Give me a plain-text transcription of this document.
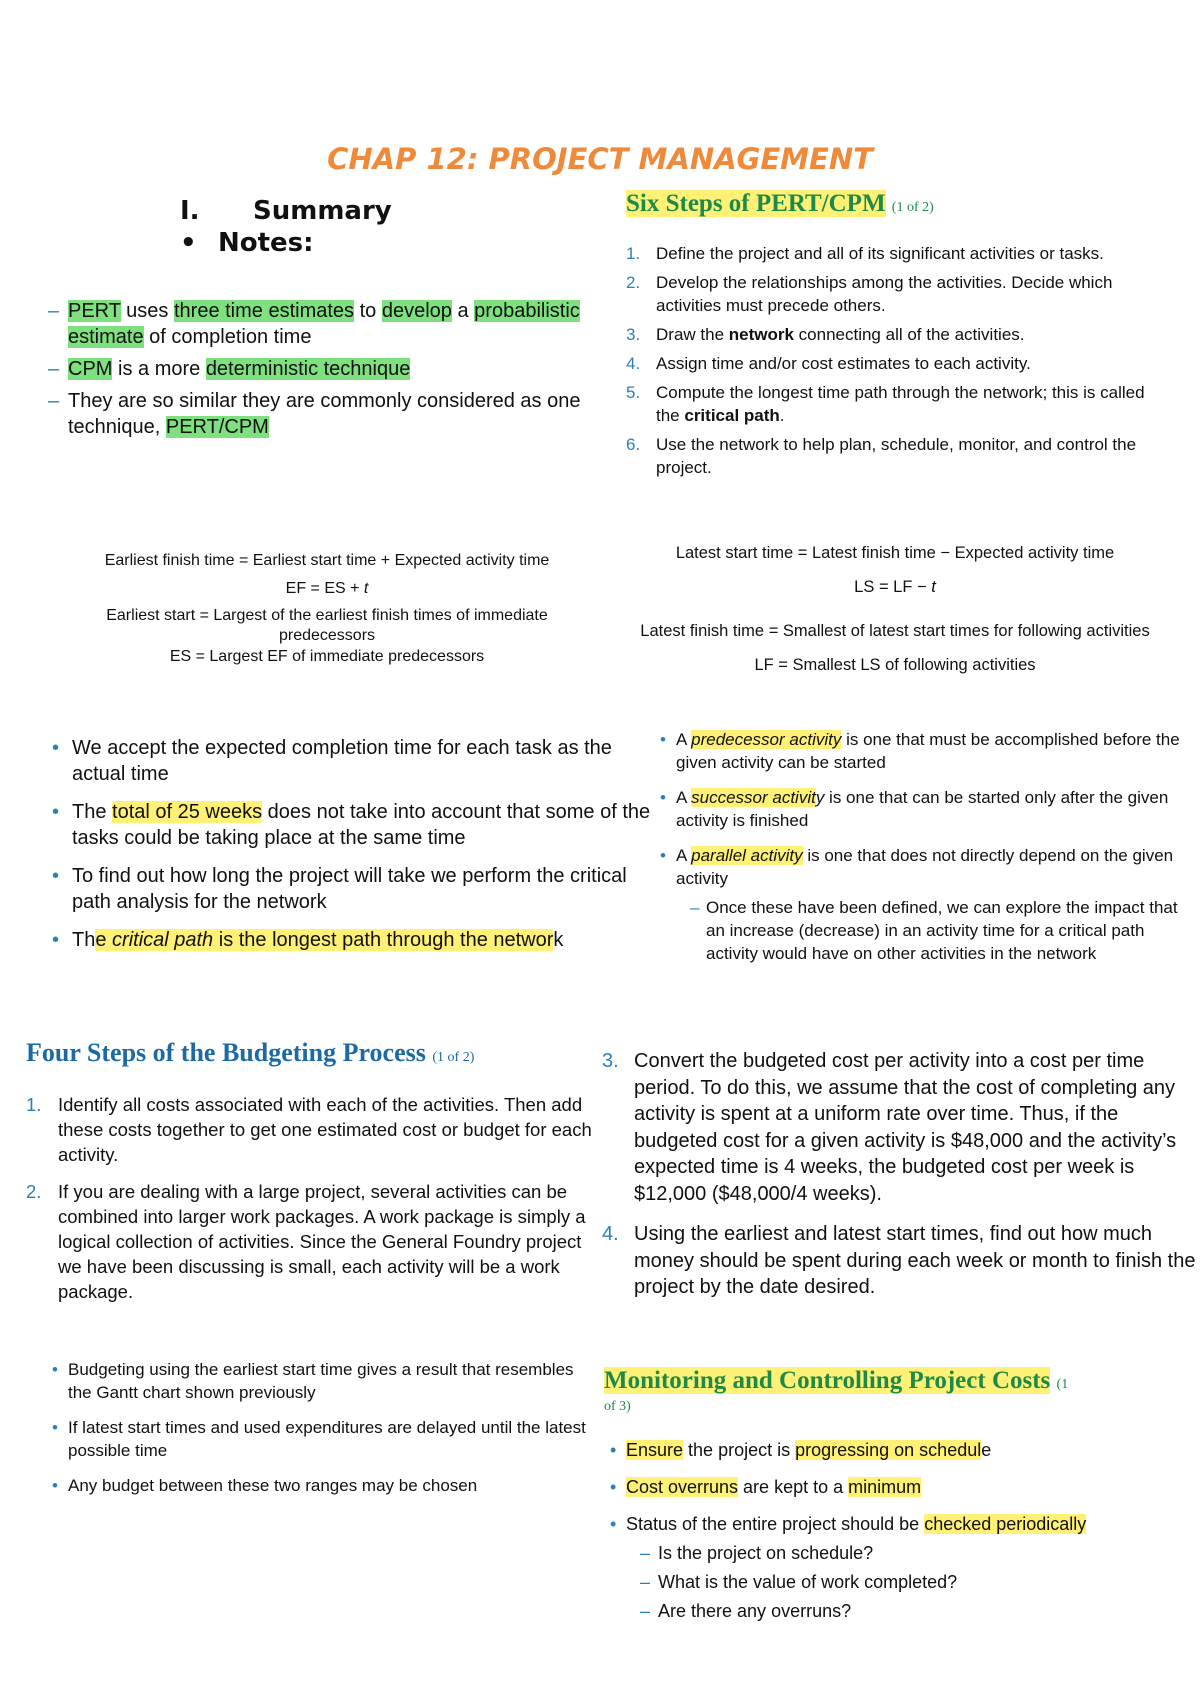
CHAP 12: PROJECT MANAGEMENT
I. Summary
• Notes:
– PERT uses three time estimates to develop a probabilistic estimate of completion time
– CPM is a more deterministic technique
– They are so similar they are commonly considered as one technique, PERT/CPM
Six Steps of PERT/CPM (1 of 2)
1. Define the project and all of its significant activities or tasks.
2. Develop the relationships among the activities. Decide which activities must precede others.
3. Draw the network connecting all of the activities.
4. Assign time and/or cost estimates to each activity.
5. Compute the longest time path through the network; this is called the critical path.
6. Use the network to help plan, schedule, monitor, and control the project.
Earliest finish time = Earliest start time + Expected activity time
EF = ES + t
Earliest start = Largest of the earliest finish times of immediate predecessors
ES = Largest EF of immediate predecessors
Latest start time = Latest finish time − Expected activity time
LS = LF − t
Latest finish time = Smallest of latest start times for following activities
LF = Smallest LS of following activities
• We accept the expected completion time for each task as the actual time
• The total of 25 weeks does not take into account that some of the tasks could be taking place at the same time
• To find out how long the project will take we perform the critical path analysis for the network
• The critical path is the longest path through the network
• A predecessor activity is one that must be accomplished before the given activity can be started
• A successor activity is one that can be started only after the given activity is finished
• A parallel activity is one that does not directly depend on the given activity
– Once these have been defined, we can explore the impact that an increase (decrease) in an activity time for a critical path activity would have on other activities in the network
Four Steps of the Budgeting Process (1 of 2)
1. Identify all costs associated with each of the activities. Then add these costs together to get one estimated cost or budget for each activity.
2. If you are dealing with a large project, several activities can be combined into larger work packages. A work package is simply a logical collection of activities. Since the General Foundry project we have been discussing is small, each activity will be a work package.
3. Convert the budgeted cost per activity into a cost per time period. To do this, we assume that the cost of completing any activity is spent at a uniform rate over time. Thus, if the budgeted cost for a given activity is $48,000 and the activity’s expected time is 4 weeks, the budgeted cost per week is $12,000 ($48,000/4 weeks).
4. Using the earliest and latest start times, find out how much money should be spent during each week or month to finish the project by the date desired.
• Budgeting using the earliest start time gives a result that resembles the Gantt chart shown previously
• If latest start times and used expenditures are delayed until the latest possible time
• Any budget between these two ranges may be chosen
Monitoring and Controlling Project Costs (1
of 3)
• Ensure the project is progressing on schedule
• Cost overruns are kept to a minimum
• Status of the entire project should be checked periodically
– Is the project on schedule?
– What is the value of work completed?
– Are there any overruns?
